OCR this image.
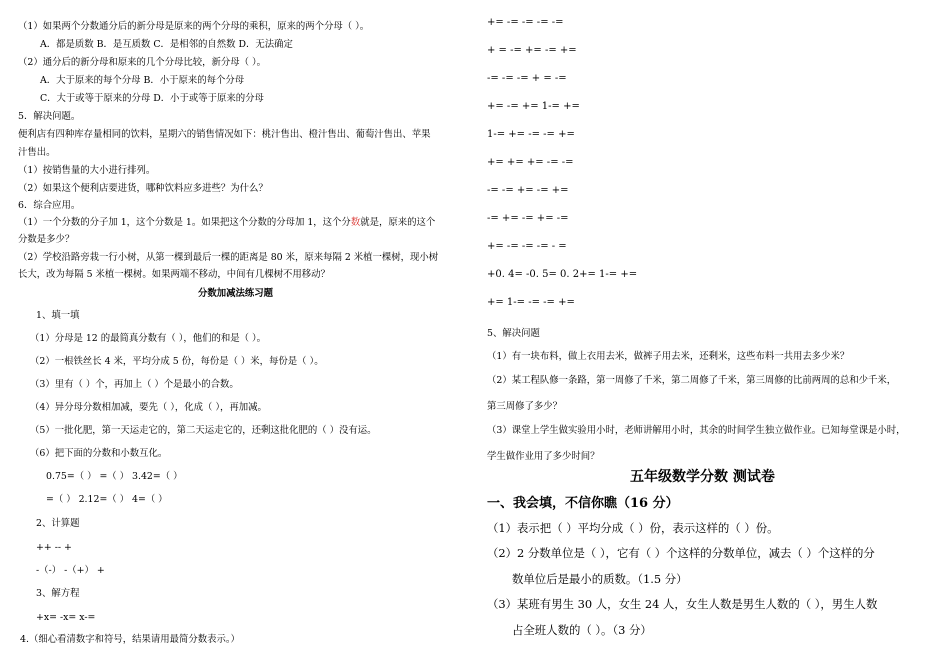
（1）如果两个分数通分后的新分母是原来的两个分母的乘积，原来的两个分母（ ）。
A．都是质数 B．是互质数 C．是相邻的自然数 D．无法确定
（2）通分后的新分母和原来的几个分母比较，新分母（ ）。
A．大于原来的每个分母 B．小于原来的每个分母
C．大于或等于原来的分母 D．小于或等于原来的分母
5．解决问题。
便利店有四种库存量相同的饮料，星期六的销售情况如下：桃汁售出、橙汁售出、葡萄汁售出、苹果
汁售出。
（1）按销售量的大小进行排列。
（2）如果这个便利店要进货，哪种饮料应多进些？为什么？
6．综合应用。
（1）一个分数的分子加 1，这个分数是 1。如果把这个分数的分母加 1，这个分数就是，原来的这个
分数是多少？
（2）学校沿路旁栽一行小树，从第一棵到最后一棵的距离是 80 米，原来每隔 2 米植一棵树，现小树
长大，改为每隔 5 米植一棵树。如果两端不移动，中间有几棵树不用移动？
分数加减法练习题
1、填一填
（1）分母是 12 的最简真分数有（ ），他们的和是（ ）。
（2）一根铁丝长 4 米，平均分成 5 份，每份是（ ）米，每份是（ ）。
（3）里有（ ）个，再加上（ ）个是最小的合数。
（4）异分母分数相加减，要先（ ），化成（ ），再加减。
（5）一批化肥，第一天运走它的，第二天运走它的，还剩这批化肥的（ ）没有运。
（6）把下面的分数和小数互化。
0.75=（ ） =（ ） 3.42=（ ）
=（ ） 2.12=（ ） 4=（ ）
2、计算题
++ -- +
-（-） -（+） +
3、解方程
+x= -x= x-=
4.（细心看清数字和符号，结果请用最简分数表示。）
+= -= -= -= -=
+ = -= += -= +=
-= -= -= + = -=
+= -= += 1-= +=
1-= += -= -= +=
+= += += -= -=
-= -= += -= +=
-= += -= += -=
+= -= -= -= - =
+0. 4= -0. 5= 0. 2+= 1-= +=
+= 1-= -= -= +=
5、解决问题
（1）有一块布料，做上衣用去米，做裤子用去米，还剩米，这些布料一共用去多少米？
（2）某工程队修一条路，第一周修了千米，第二周修了千米，第三周修的比前两周的总和少千米，
第三周修了多少？
（3）课堂上学生做实验用小时，老师讲解用小时，其余的时间学生独立做作业。已知每堂课是小时，
学生做作业用了多少时间？
五年级数学分数 测试卷
一、我会填，不信你瞧（16 分）
（1）表示把（ ）平均分成（ ）份，表示这样的（ ）份。
（2）2 分数单位是（ ），它有（ ）个这样的分数单位，减去（ ）个这样的分
数单位后是最小的质数。（1.5 分）
（3）某班有男生 30 人，女生 24 人，女生人数是男生人数的（ ），男生人数
占全班人数的（ ）。（3 分）
